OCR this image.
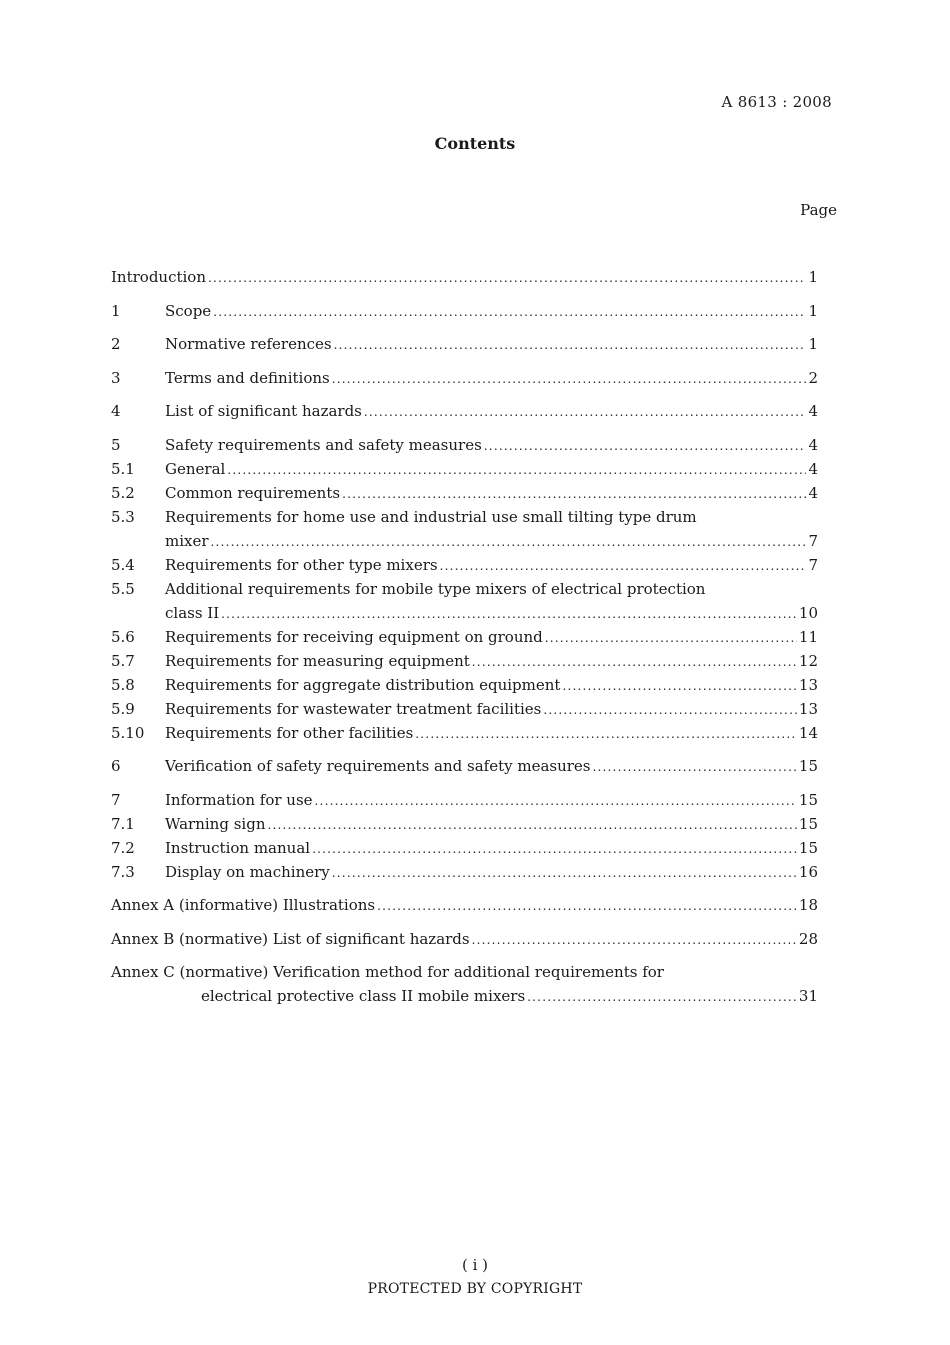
A 8613 : 2008
Contents
Page
Introduction .....	1
1	Scope .....	1
2	Normative references .....	1
3	Terms and definitions .....	2
4	List of significant hazards .....	4
5	Safety requirements and safety measures .....	4
5.1	General .....	4
5.2	Common requirements .....	4
5.3	Requirements for home use and industrial use small tilting type drum
mixer .....	7
5.4	Requirements for other type mixers .....	7
5.5	Additional requirements for mobile type mixers of electrical protection
class II .....	10
5.6	Requirements for receiving equipment on ground .....	11
5.7	Requirements for measuring equipment .....	12
5.8	Requirements for aggregate distribution equipment .....	13
5.9	Requirements for wastewater treatment facilities .....	13
5.10	Requirements for other facilities .....	14
6	Verification of safety requirements and safety measures .....	15
7	Information for use .....	15
7.1	Warning sign .....	15
7.2	Instruction manual .....	15
7.3	Display on machinery .....	16
Annex A (informative) Illustrations .....	18
Annex B (normative) List of significant hazards .....	28
Annex C (normative) Verification method for additional requirements for
electrical protective class II mobile mixers .....	31
( i )
PROTECTED BY COPYRIGHT
